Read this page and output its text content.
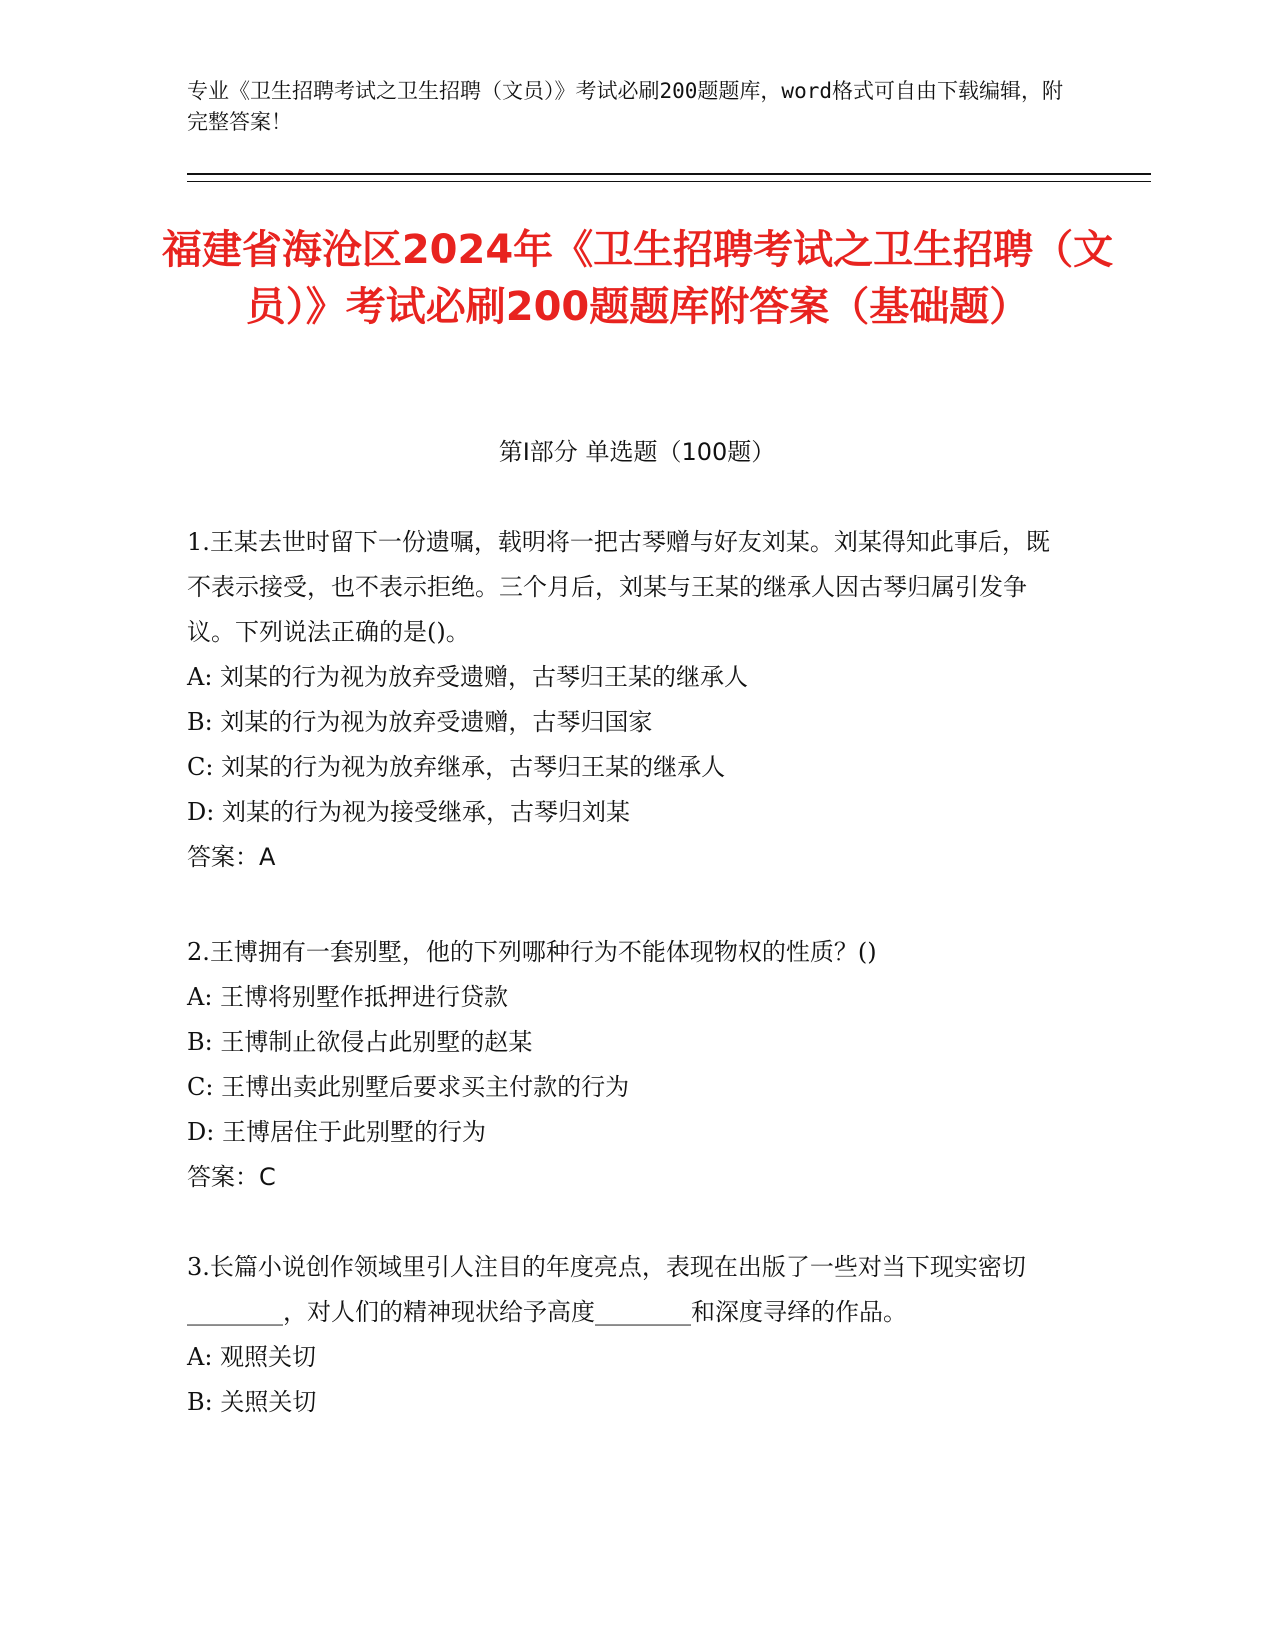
专业《卫生招聘考试之卫生招聘（文员）》考试必刷200题题库，word格式可自由下载编辑，附完整答案！
福建省海沧区2024年《卫生招聘考试之卫生招聘（文员）》考试必刷200题题库附答案（基础题）
第Ⅰ部分 单选题（100题）

1.王某去世时留下一份遗嘱，载明将一把古琴赠与好友刘某。刘某得知此事后，既不表示接受，也不表示拒绝。三个月后，刘某与王某的继承人因古琴归属引发争议。下列说法正确的是()。

A: 刘某的行为视为放弃受遗赠，古琴归王某的继承人

B: 刘某的行为视为放弃受遗赠，古琴归国家

C: 刘某的行为视为放弃继承，古琴归王某的继承人

D: 刘某的行为视为接受继承，古琴归刘某

答案：A

2.王博拥有一套别墅，他的下列哪种行为不能体现物权的性质？()

A: 王博将别墅作抵押进行贷款

B: 王博制止欲侵占此别墅的赵某

C: 王博出卖此别墅后要求买主付款的行为

D: 王博居住于此别墅的行为

答案：C

3.长篇小说创作领域里引人注目的年度亮点，表现在出版了一些对当下现实密切________，对人们的精神现状给予高度________和深度寻绎的作品。

A: 观照关切

B: 关照关切
